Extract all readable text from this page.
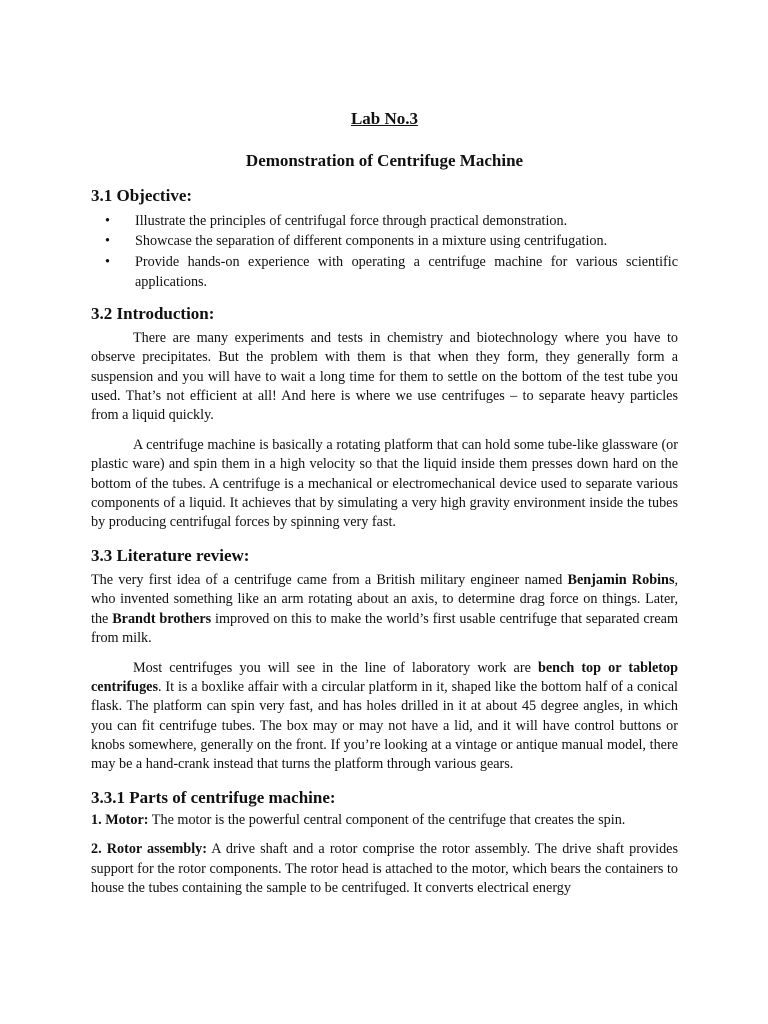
Lab No.3
Demonstration of Centrifuge Machine
3.1 Objective:
• Illustrate the principles of centrifugal force through practical demonstration.
• Showcase the separation of different components in a mixture using centrifugation.
• Provide hands-on experience with operating a centrifuge machine for various scientific applications.
3.2 Introduction:

There are many experiments and tests in chemistry and biotechnology where you have to observe precipitates. But the problem with them is that when they form, they generally form a suspension and you will have to wait a long time for them to settle on the bottom of the test tube you used. That’s not efficient at all! And here is where we use centrifuges – to separate heavy particles from a liquid quickly.

A centrifuge machine is basically a rotating platform that can hold some tube-like glassware (or plastic ware) and spin them in a high velocity so that the liquid inside them presses down hard on the bottom of the tubes. A centrifuge is a mechanical or electromechanical device used to separate various components of a liquid. It achieves that by simulating a very high gravity environment inside the tubes by producing centrifugal forces by spinning very fast.

3.3 Literature review:

The very first idea of a centrifuge came from a British military engineer named Benjamin Robins, who invented something like an arm rotating about an axis, to determine drag force on things. Later, the Brandt brothers improved on this to make the world’s first usable centrifuge that separated cream from milk.

Most centrifuges you will see in the line of laboratory work are bench top or tabletop centrifuges. It is a boxlike affair with a circular platform in it, shaped like the bottom half of a conical flask. The platform can spin very fast, and has holes drilled in it at about 45 degree angles, in which you can fit centrifuge tubes. The box may or may not have a lid, and it will have control buttons or knobs somewhere, generally on the front. If you’re looking at a vintage or antique manual model, there may be a hand-crank instead that turns the platform through various gears.

3.3.1 Parts of centrifuge machine:

1. Motor: The motor is the powerful central component of the centrifuge that creates the spin.

2. Rotor assembly: A drive shaft and a rotor comprise the rotor assembly. The drive shaft provides support for the rotor components. The rotor head is attached to the motor, which bears the containers to house the tubes containing the sample to be centrifuged. It converts electrical energy
